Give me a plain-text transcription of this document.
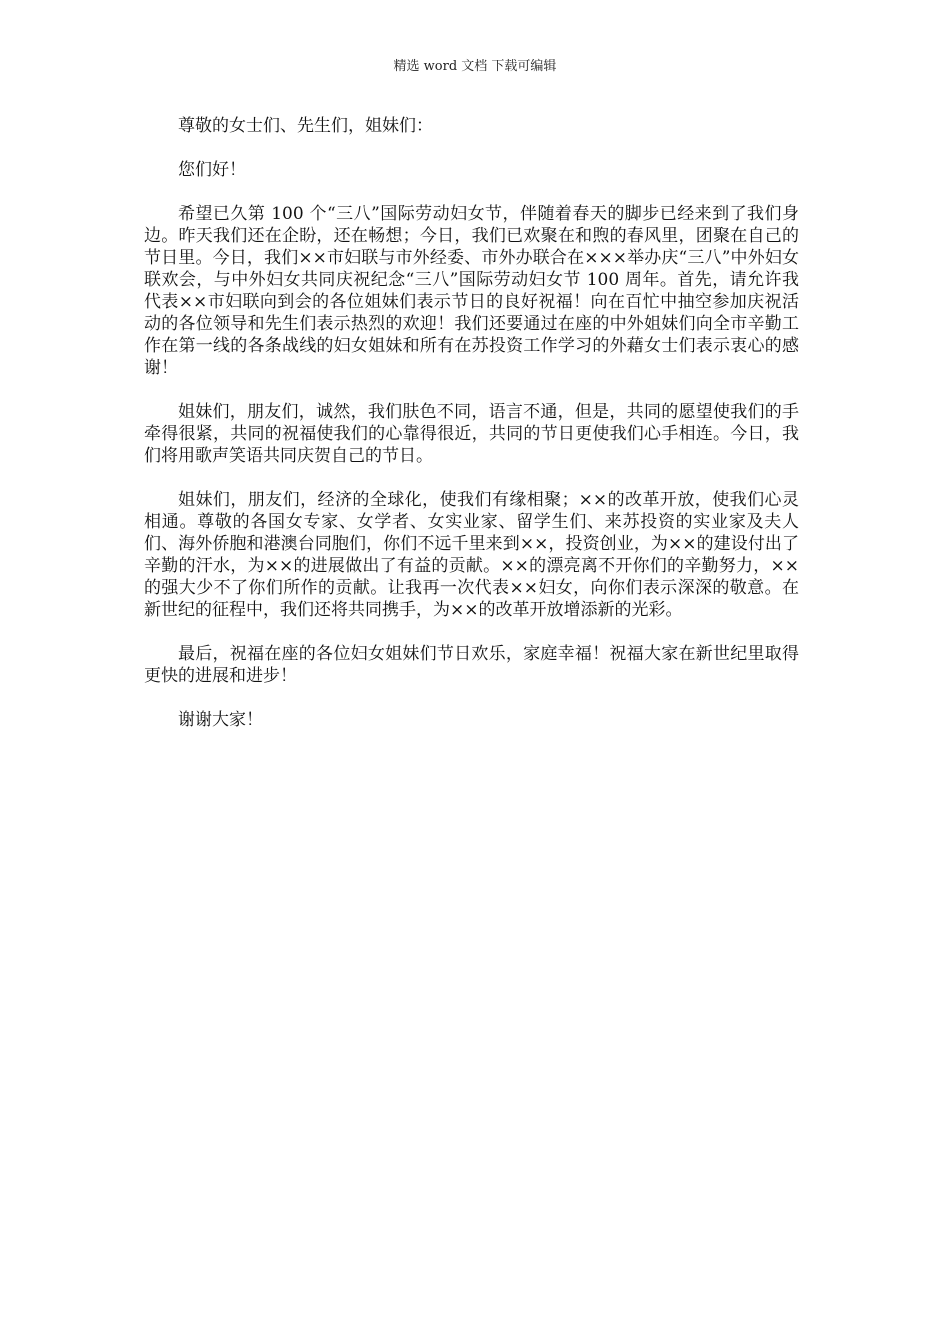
精选 word 文档 下载可编辑

尊敬的女士们、先生们，姐妹们：

您们好！

希望已久第 100 个“三八”国际劳动妇女节，伴随着春天的脚步已经来到了我们身边。昨天我们还在企盼，还在畅想；今日，我们已欢聚在和煦的春风里，团聚在自己的节日里。今日，我们××市妇联与市外经委、市外办联合在×××举办庆“三八”中外妇女联欢会，与中外妇女共同庆祝纪念“三八”国际劳动妇女节 100 周年。首先，请允许我代表××市妇联向到会的各位姐妹们表示节日的良好祝福！向在百忙中抽空参加庆祝活动的各位领导和先生们表示热烈的欢迎！我们还要通过在座的中外姐妹们向全市辛勤工作在第一线的各条战线的妇女姐妹和所有在苏投资工作学习的外藉女士们表示衷心的感谢！

姐妹们，朋友们，诚然，我们肤色不同，语言不通，但是，共同的愿望使我们的手牵得很紧，共同的祝福使我们的心靠得很近，共同的节日更使我们心手相连。今日，我们将用歌声笑语共同庆贺自己的节日。

姐妹们，朋友们，经济的全球化，使我们有缘相聚；××的改革开放，使我们心灵相通。尊敬的各国女专家、女学者、女实业家、留学生们、来苏投资的实业家及夫人们、海外侨胞和港澳台同胞们，你们不远千里来到××，投资创业，为××的建设付出了辛勤的汗水，为××的进展做出了有益的贡献。××的漂亮离不开你们的辛勤努力，××的强大少不了你们所作的贡献。让我再一次代表××妇女，向你们表示深深的敬意。在新世纪的征程中，我们还将共同携手，为××的改革开放增添新的光彩。

最后，祝福在座的各位妇女姐妹们节日欢乐，家庭幸福！祝福大家在新世纪里取得更快的进展和进步！

谢谢大家！
